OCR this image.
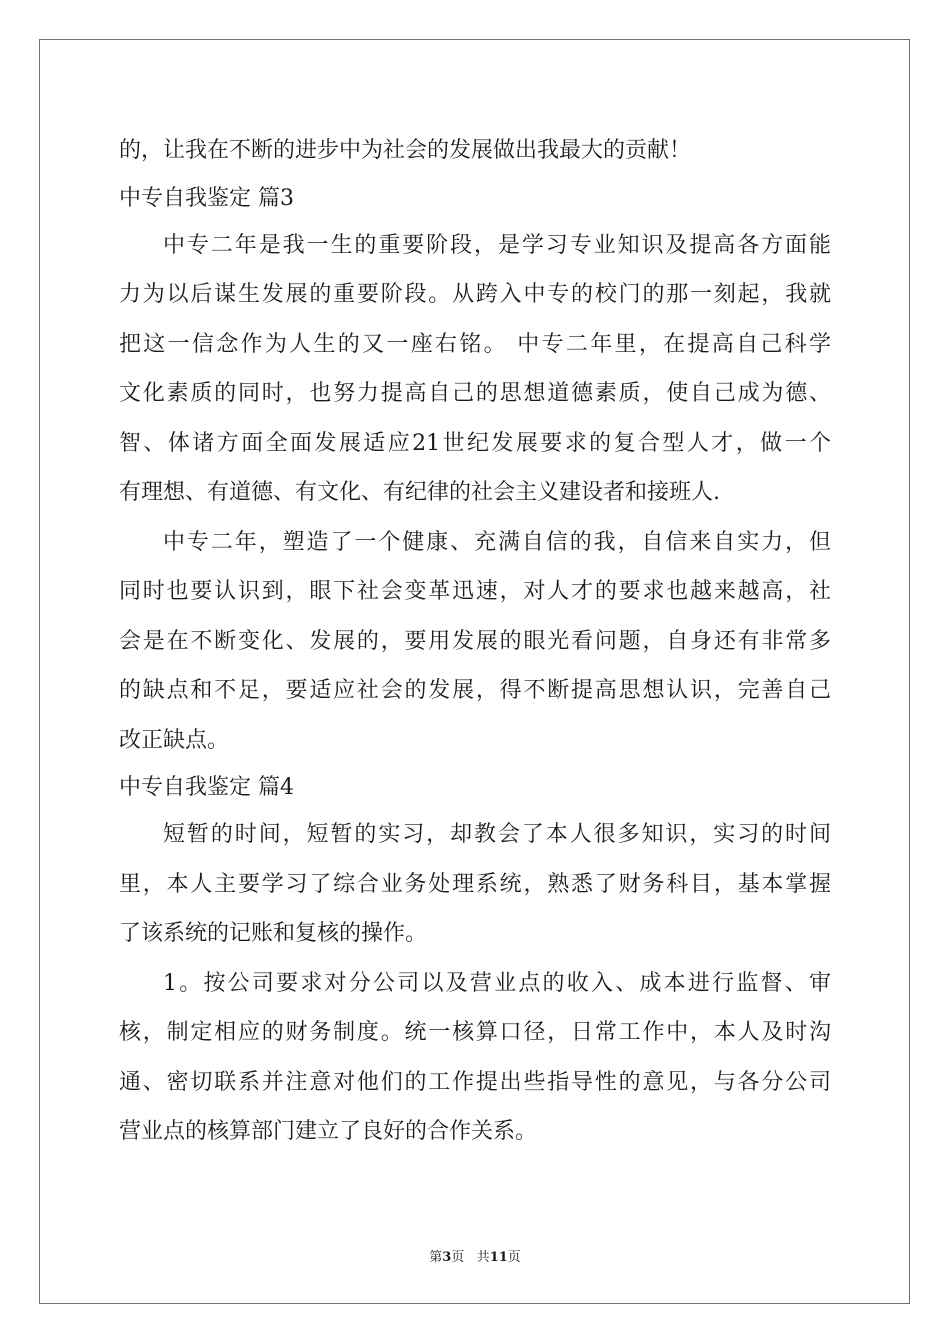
的，让我在不断的进步中为社会的发展做出我最大的贡献！
中专自我鉴定 篇3
中专二年是我一生的重要阶段，是学习专业知识及提高各方面能
力为以后谋生发展的重要阶段。从跨入中专的校门的那一刻起，我就
把这一信念作为人生的又一座右铭。 中专二年里，在提高自己科学
文化素质的同时，也努力提高自己的思想道德素质，使自己成为德、
智、体诸方面全面发展适应21世纪发展要求的复合型人才，做一个
有理想、有道德、有文化、有纪律的社会主义建设者和接班人.
中专二年，塑造了一个健康、充满自信的我，自信来自实力，但
同时也要认识到，眼下社会变革迅速，对人才的要求也越来越高，社
会是在不断变化、发展的，要用发展的眼光看问题，自身还有非常多
的缺点和不足，要适应社会的发展，得不断提高思想认识，完善自己
改正缺点。
中专自我鉴定 篇4
短暂的时间，短暂的实习，却教会了本人很多知识，实习的时间
里，本人主要学习了综合业务处理系统，熟悉了财务科目，基本掌握
了该系统的记账和复核的操作。
1。按公司要求对分公司以及营业点的收入、成本进行监督、审
核，制定相应的财务制度。统一核算口径，日常工作中，本人及时沟
通、密切联系并注意对他们的工作提出些指导性的意见，与各分公司
营业点的核算部门建立了良好的合作关系。
第3页 共11页
